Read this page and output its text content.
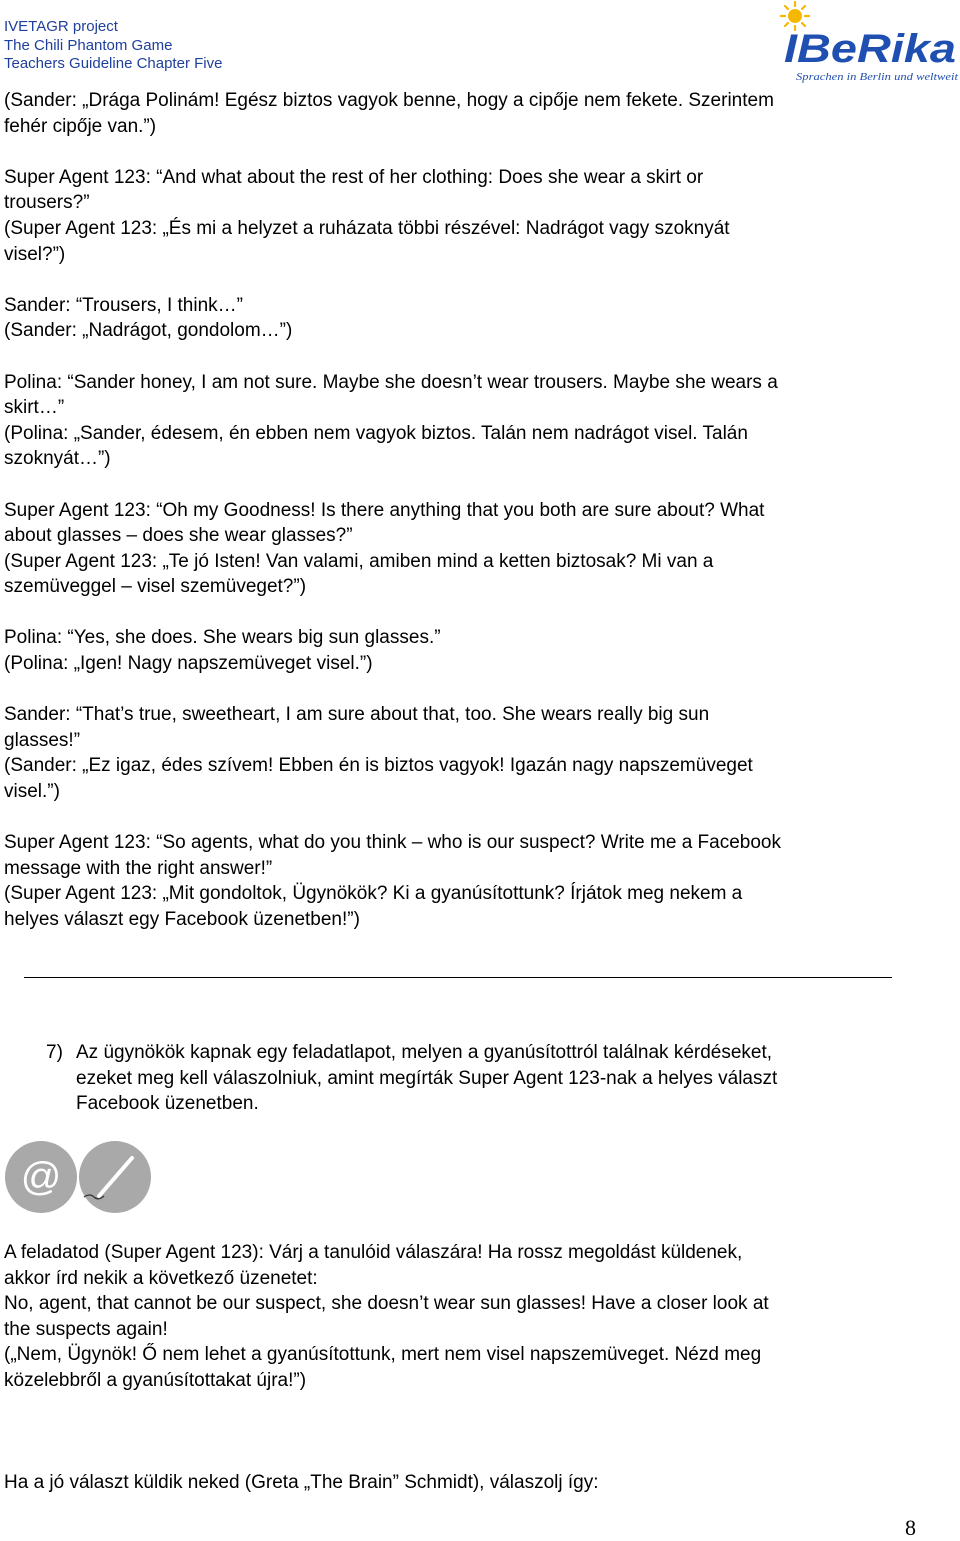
IVETAGR project
The Chili Phantom Game
Teachers Guideline Chapter Five	IBeRika
Sprachen in Berlin und weltweit

(Sander: „Drága Polinám! Egész biztos vagyok benne, hogy a cipője nem fekete. Szerintem

fehér cipője van.”)

Super Agent 123: “And what about the rest of her clothing: Does she wear a skirt or

trousers?”

(Super Agent 123: „És mi a helyzet a ruházata többi részével: Nadrágot vagy szoknyát

visel?”)

Sander: “Trousers, I think…”

(Sander: „Nadrágot, gondolom…”)

Polina: “Sander honey, I am not sure. Maybe she doesn’t wear trousers. Maybe she wears a

skirt…”

(Polina: „Sander, édesem, én ebben nem vagyok biztos. Talán nem nadrágot visel. Talán

szoknyát…”)

Super Agent 123: “Oh my Goodness! Is there anything that you both are sure about? What

about glasses – does she wear glasses?”

(Super Agent 123: „Te jó Isten! Van valami, amiben mind a ketten biztosak? Mi van a

szemüveggel – visel szemüveget?”)

Polina: “Yes, she does. She wears big sun glasses.”

(Polina: „Igen! Nagy napszemüveget visel.”)

Sander: “That’s true, sweetheart, I am sure about that, too. She wears really big sun

glasses!”

(Sander: „Ez igaz, édes szívem! Ebben én is biztos vagyok! Igazán nagy napszemüveget

visel.”)

Super Agent 123: “So agents, what do you think – who is our suspect? Write me a Facebook

message with the right answer!”

(Super Agent 123: „Mit gondoltok, Ügynökök? Ki a gyanúsítottunk? Írjátok meg nekem a

helyes választ egy Facebook üzenetben!”)

7) Az ügynökök kapnak egy feladatlapot, melyen a gyanúsítottról találnak kérdéseket,
ezeket meg kell válaszolniuk, amint megírták Super Agent 123-nak a helyes választ
Facebook üzenetben.
@

A feladatod (Super Agent 123): Várj a tanulóid válaszára! Ha rossz megoldást küldenek,

akkor írd nekik a következő üzenetet:

No, agent, that cannot be our suspect, she doesn’t wear sun glasses! Have a closer look at

the suspects again!

(„Nem, Ügynök! Ő nem lehet a gyanúsítottunk, mert nem visel napszemüveget. Nézd meg

közelebbről a gyanúsítottakat újra!”)

Ha a jó választ küldik neked (Greta „The Brain” Schmidt), válaszolj így:

8
